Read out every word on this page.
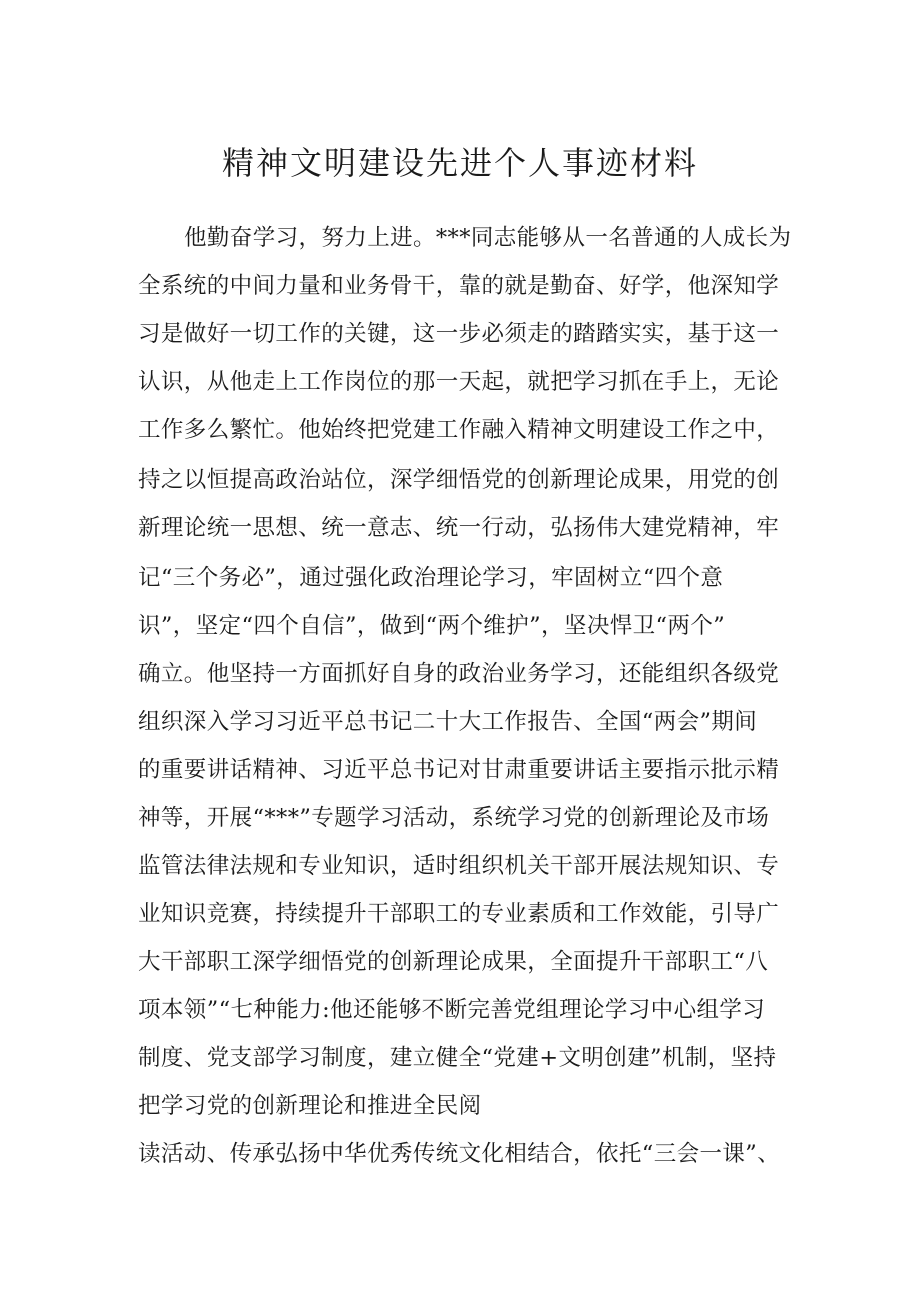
精神文明建设先进个人事迹材料
他勤奋学习，努力上进。***同志能够从一名普通的人成长为
全系统的中间力量和业务骨干，靠的就是勤奋、好学，他深知学
习是做好一切工作的关键，这一步必须走的踏踏实实，基于这一
认识，从他走上工作岗位的那一天起，就把学习抓在手上，无论
工作多么繁忙。他始终把党建工作融入精神文明建设工作之中，
持之以恒提高政治站位，深学细悟党的创新理论成果，用党的创
新理论统一思想、统一意志、统一行动，弘扬伟大建党精神，牢
记“三个务必”，通过强化政治理论学习，牢固树立“四个意
识”，坚定“四个自信”，做到“两个维护”，坚决悍卫“两个”
确立。他坚持一方面抓好自身的政治业务学习，还能组织各级党
组织深入学习习近平总书记二十大工作报告、全国“两会”期间
的重要讲话精神、习近平总书记对甘肃重要讲话主要指示批示精
神等，开展“***”专题学习活动，系统学习党的创新理论及市场
监管法律法规和专业知识，适时组织机关干部开展法规知识、专
业知识竞赛，持续提升干部职工的专业素质和工作效能，引导广
大干部职工深学细悟党的创新理论成果，全面提升干部职工“八
项本领”“七种能力:他还能够不断完善党组理论学习中心组学习
制度、党支部学习制度，建立健全“党建+文明创建”机制，坚持
把学习党的创新理论和推进全民阅
读活动、传承弘扬中华优秀传统文化相结合，依托“三会一课”、
